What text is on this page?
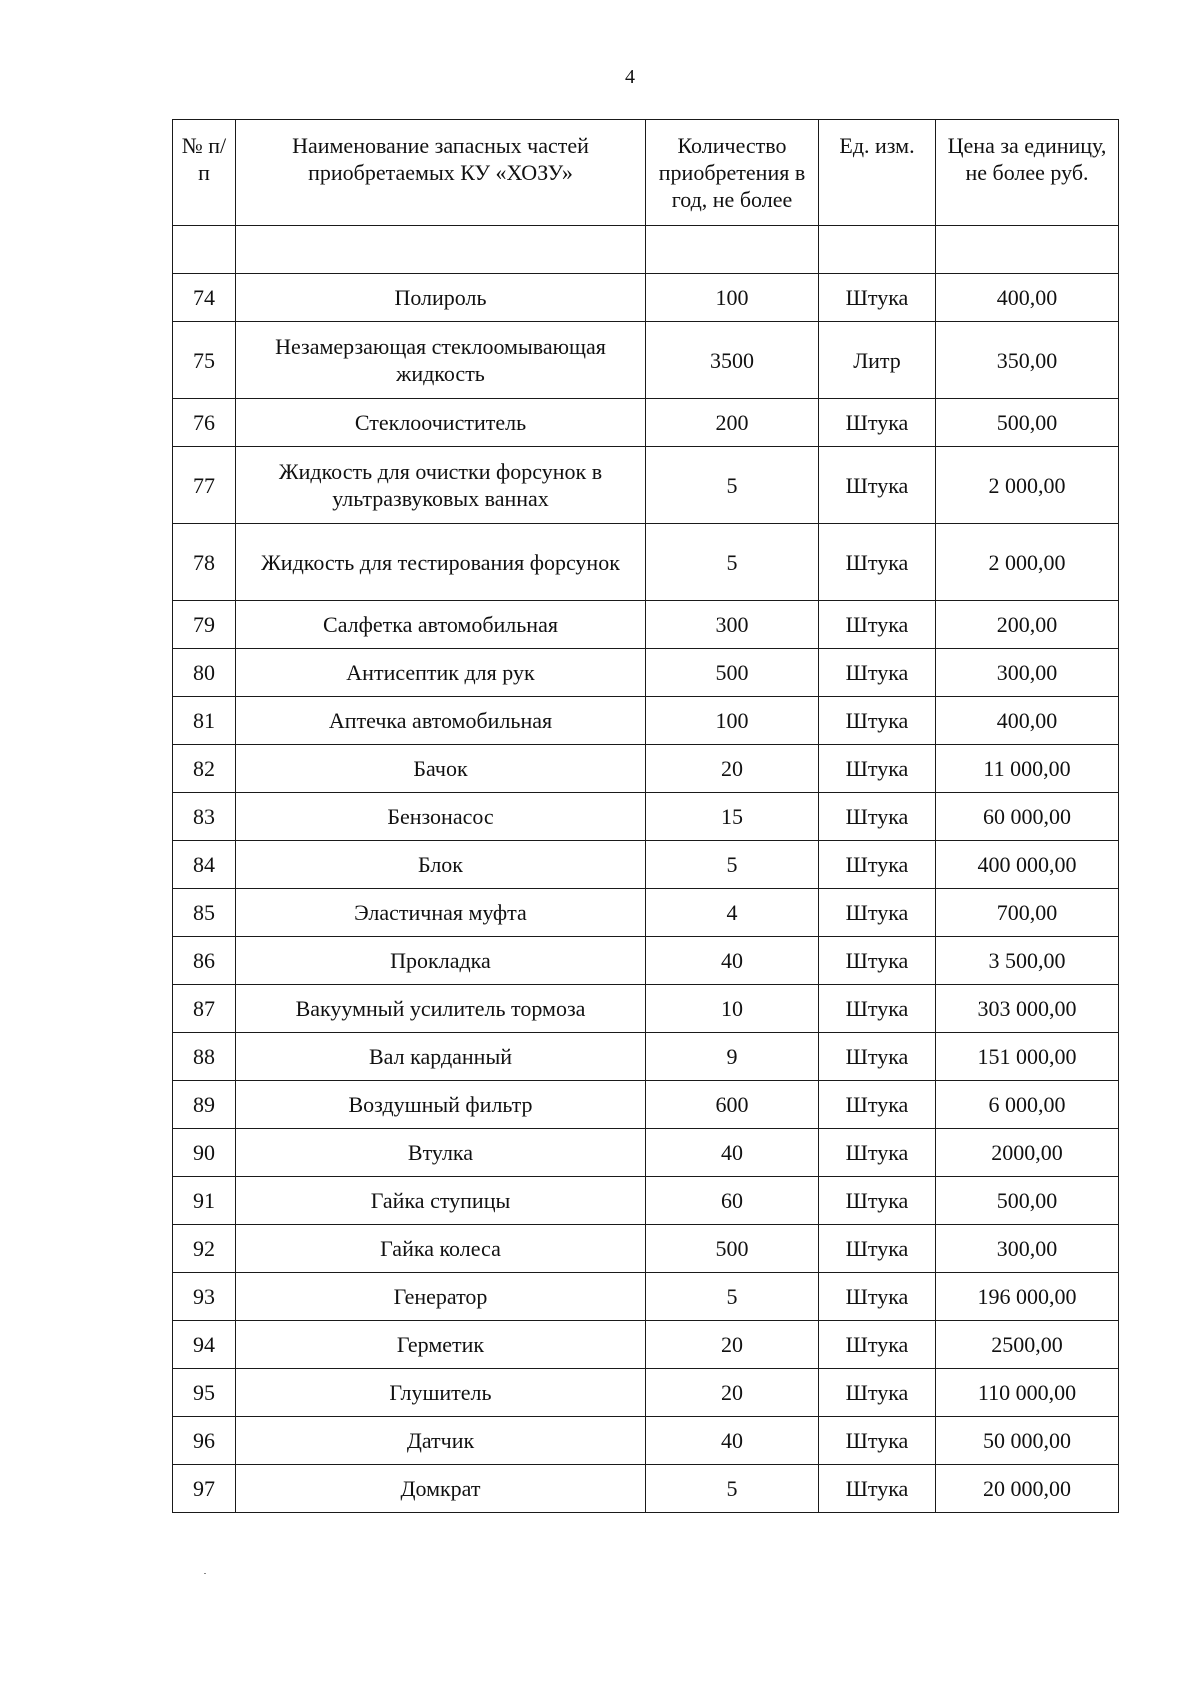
4
№ п/п	Наименование запасных частей приобретаемых КУ «ХОЗУ»	Количество приобретения в год, не более	Ед. изм.	Цена за единицу, не более руб.

74	Полироль	100	Штука	400,00
75	Незамерзающая стеклоомывающая жидкость	3500	Литр	350,00
76	Стеклоочиститель	200	Штука	500,00
77	Жидкость для очистки форсунок в ультразвуковых ваннах	5	Штука	2 000,00
78	Жидкость для тестирования форсунок	5	Штука	2 000,00
79	Салфетка автомобильная	300	Штука	200,00
80	Антисептик для рук	500	Штука	300,00
81	Аптечка автомобильная	100	Штука	400,00
82	Бачок	20	Штука	11 000,00
83	Бензонасос	15	Штука	60 000,00
84	Блок	5	Штука	400 000,00
85	Эластичная муфта	4	Штука	700,00
86	Прокладка	40	Штука	3 500,00
87	Вакуумный усилитель тормоза	10	Штука	303 000,00
88	Вал карданный	9	Штука	151 000,00
89	Воздушный фильтр	600	Штука	6 000,00
90	Втулка	40	Штука	2000,00
91	Гайка ступицы	60	Штука	500,00
92	Гайка колеса	500	Штука	300,00
93	Генератор	5	Штука	196 000,00
94	Герметик	20	Штука	2500,00
95	Глушитель	20	Штука	110 000,00
96	Датчик	40	Штука	50 000,00
97	Домкрат	5	Штука	20 000,00
